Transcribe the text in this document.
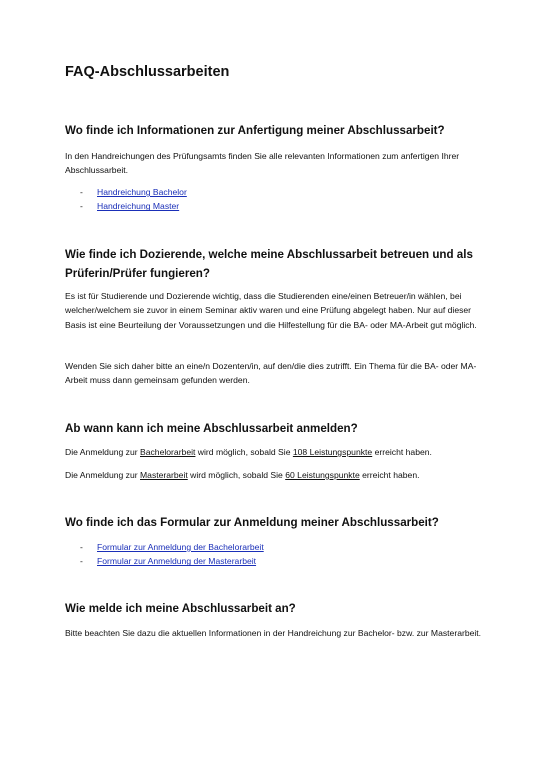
FAQ-Abschlussarbeiten
Wo finde ich Informationen zur Anfertigung meiner Abschlussarbeit?

In den Handreichungen des Prüfungsamts finden Sie alle relevanten Informationen zum anfertigen Ihrer Abschlussarbeit.

- Handreichung Bachelor
- Handreichung Master
Wie finde ich Dozierende, welche meine Abschlussarbeit betreuen und als Prüferin/Prüfer fungieren?

Es ist für Studierende und Dozierende wichtig, dass die Studierenden eine/einen Betreuer/in wählen, bei welcher/welchem sie zuvor in einem Seminar aktiv waren und eine Prüfung abgelegt haben. Nur auf dieser Basis ist eine Beurteilung der Voraussetzungen und die Hilfestellung für die BA- oder MA-Arbeit gut möglich.

Wenden Sie sich daher bitte an eine/n Dozenten/in, auf den/die dies zutrifft. Ein Thema für die BA- oder MA-Arbeit muss dann gemeinsam gefunden werden.

Ab wann kann ich meine Abschlussarbeit anmelden?

Die Anmeldung zur Bachelorarbeit wird möglich, sobald Sie 108 Leistungspunkte erreicht haben.

Die Anmeldung zur Masterarbeit wird möglich, sobald Sie 60 Leistungspunkte erreicht haben.

Wo finde ich das Formular zur Anmeldung meiner Abschlussarbeit?
- Formular zur Anmeldung der Bachelorarbeit
- Formular zur Anmeldung der Masterarbeit
Wie melde ich meine Abschlussarbeit an?

Bitte beachten Sie dazu die aktuellen Informationen in der Handreichung zur Bachelor- bzw. zur Masterarbeit.
